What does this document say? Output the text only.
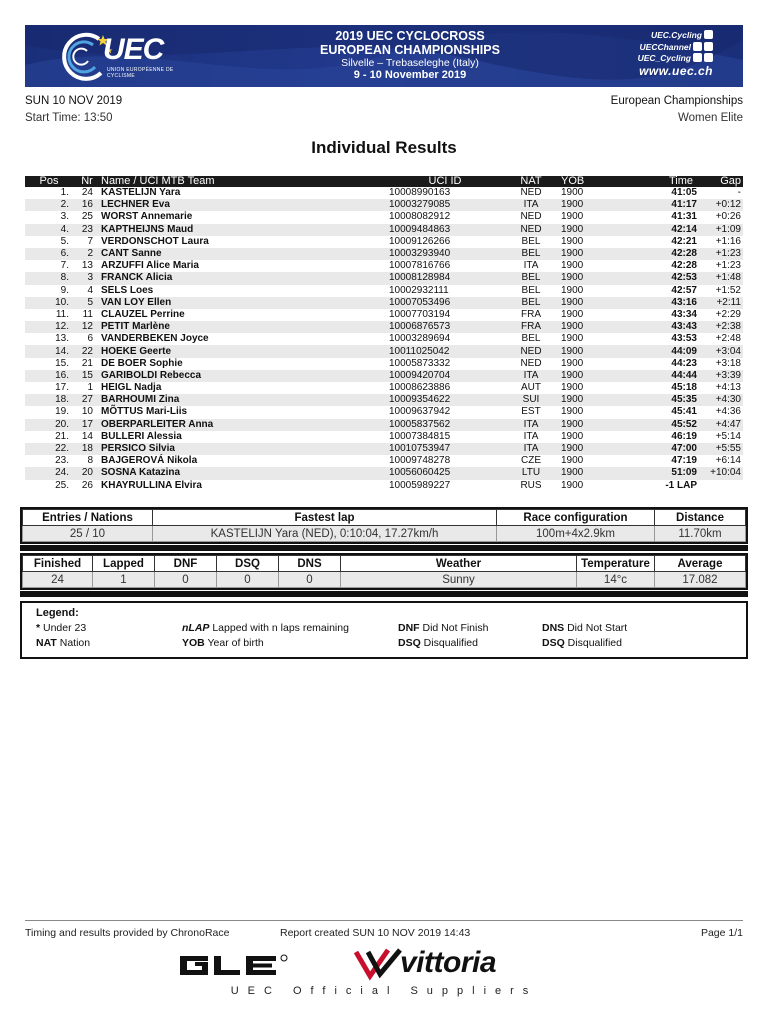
UEC
UNION EUROPÉENNE DE CYCLISME
2019 UEC CYCLOCROSS
EUROPEAN CHAMPIONSHIPS
Silvelle – Trebaseleghe (Italy)
9 - 10 November 2019
UEC.Cycling
UECChannel
UEC_Cycling
www.uec.ch
SUN 10 NOV 2019
Start Time: 13:50
European Championships
Women Elite
Individual Results
Pos	Nr	Name / UCI MTB Team	UCI ID	NAT	YOB	Time	Gap
1.	24	KASTELIJN Yara	10008990163	NED	1900	41:05	-
2.	16	LECHNER Eva	10003279085	ITA	1900	41:17	+0:12
3.	25	WORST Annemarie	10008082912	NED	1900	41:31	+0:26
4.	23	KAPTHEIJNS Maud	10009484863	NED	1900	42:14	+1:09
5.	7	VERDONSCHOT Laura	10009126266	BEL	1900	42:21	+1:16
6.	2	CANT Sanne	10003293940	BEL	1900	42:28	+1:23
7.	13	ARZUFFI Alice Maria	10007816766	ITA	1900	42:28	+1:23
8.	3	FRANCK Alicia	10008128984	BEL	1900	42:53	+1:48
9.	4	SELS Loes	10002932111	BEL	1900	42:57	+1:52
10.	5	VAN LOY Ellen	10007053496	BEL	1900	43:16	+2:11
11.	11	CLAUZEL Perrine	10007703194	FRA	1900	43:34	+2:29
12.	12	PETIT Marlène	10006876573	FRA	1900	43:43	+2:38
13.	6	VANDERBEKEN Joyce	10003289694	BEL	1900	43:53	+2:48
14.	22	HOEKE Geerte	10011025042	NED	1900	44:09	+3:04
15.	21	DE BOER Sophie	10005873332	NED	1900	44:23	+3:18
16.	15	GARIBOLDI Rebecca	10009420704	ITA	1900	44:44	+3:39
17.	1	HEIGL Nadja	10008623886	AUT	1900	45:18	+4:13
18.	27	BARHOUMI Zina	10009354622	SUI	1900	45:35	+4:30
19.	10	MÕTTUS Mari-Liis	10009637942	EST	1900	45:41	+4:36
20.	17	OBERPARLEITER Anna	10005837562	ITA	1900	45:52	+4:47
21.	14	BULLERI Alessia	10007384815	ITA	1900	46:19	+5:14
22.	18	PERSICO Silvia	10010753947	ITA	1900	47:00	+5:55
23.	8	BAJGEROVÁ Nikola	10009748278	CZE	1900	47:19	+6:14
24.	20	SOSNA Katazina	10056060425	LTU	1900	51:09	+10:04
25.	26	KHAYRULLINA Elvira	10005989227	RUS	1900	-1 LAP	
Entries / Nations	Fastest lap	Race configuration	Distance
25 / 10	KASTELIJN Yara (NED), 0:10:04, 17.27km/h	100m+4x2.9km	11.70km
Finished	Lapped	DNF	DSQ	DNS	Weather	Temperature	Average
24	1	0	0	0	Sunny	14°c	17.082
Legend:
* Under 23	nLAP Lapped with n laps remaining	DNF Did Not Finish	DNS Did Not Start
NAT Nation	YOB Year of birth	DSQ Disqualified	DSQ Disqualified
Timing and results provided by ChronoRace	Report created SUN 10 NOV 2019 14:43	Page 1/1
vittoria
UEC Official Suppliers
